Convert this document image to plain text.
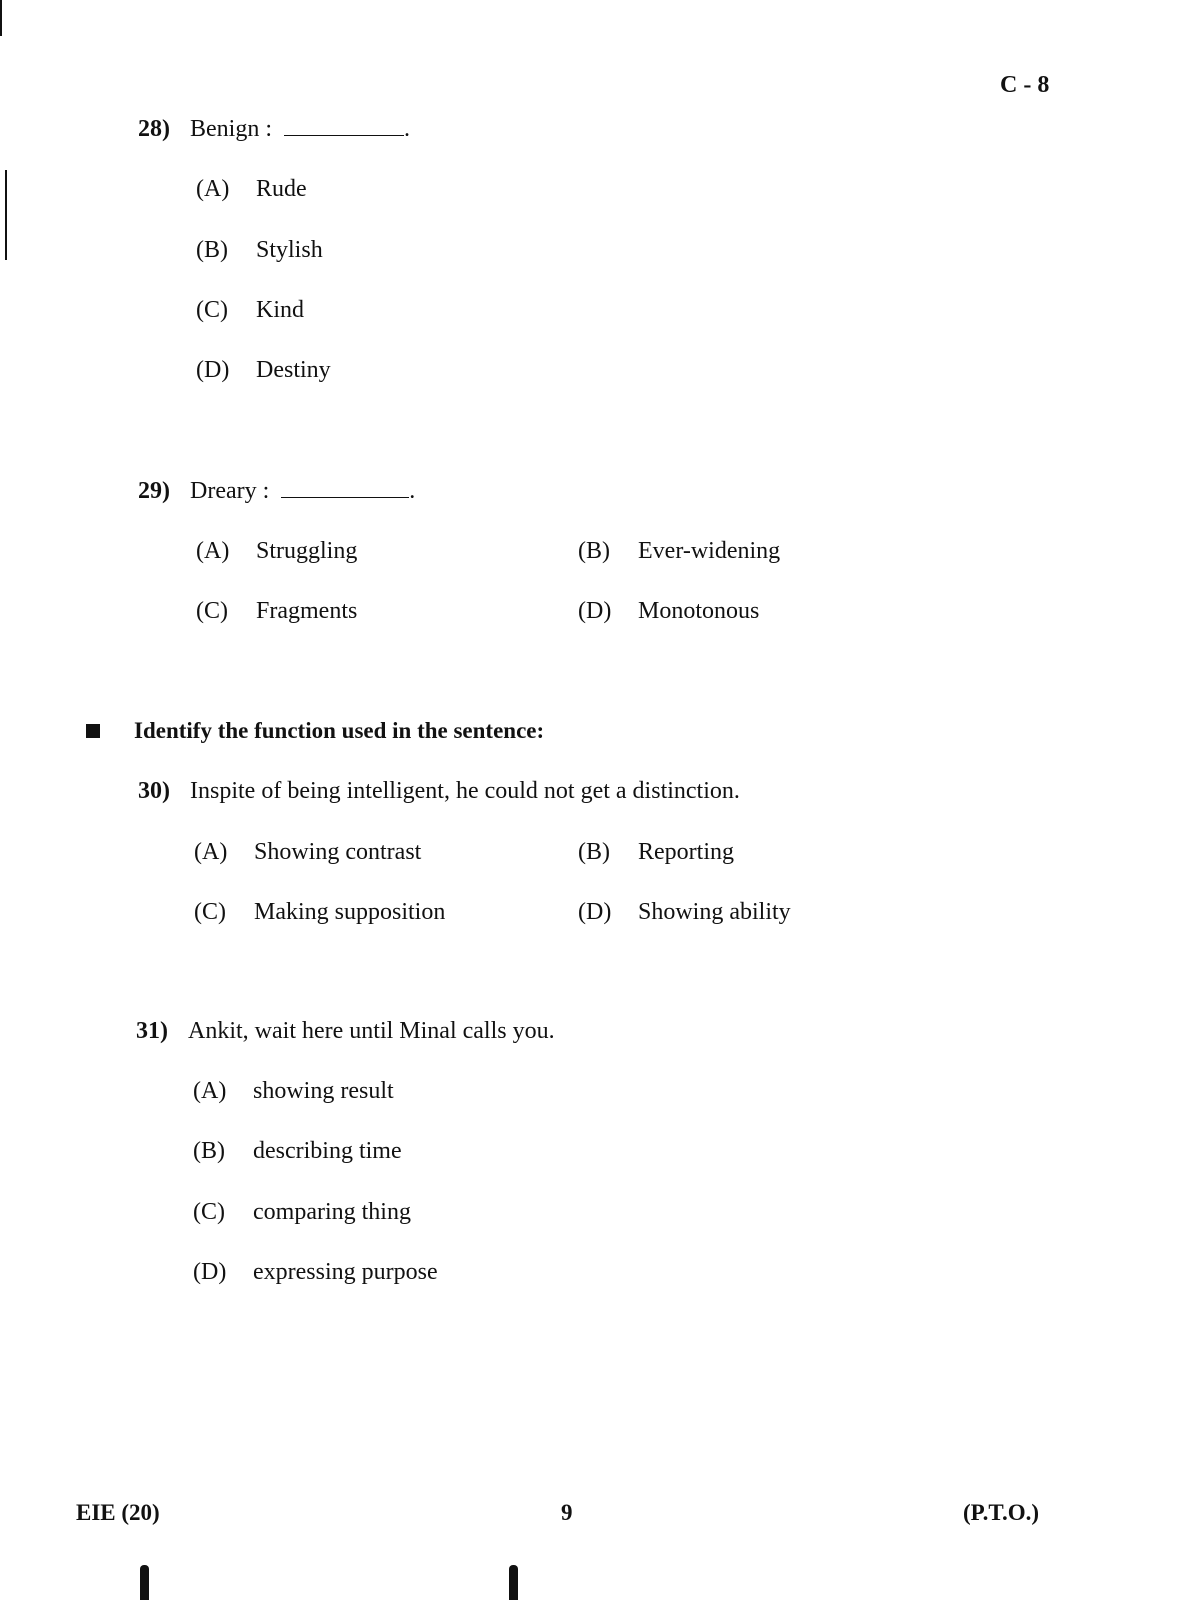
C - 8
28) Benign :	.
(A) Rude
(B) Stylish
(C) Kind
(D) Destiny
29) Dreary :	.
(A) Struggling	(B) Ever-widening
(C) Fragments	(D) Monotonous
Identify the function used in the sentence:
30) Inspite of being intelligent, he could not get a distinction.
(A) Showing contrast	(B) Reporting
(C) Making supposition	(D) Showing ability
31) Ankit, wait here until Minal calls you.
(A) showing result
(B) describing time
(C) comparing thing
(D) expressing purpose
EIE (20)	9	(P.T.O.)
